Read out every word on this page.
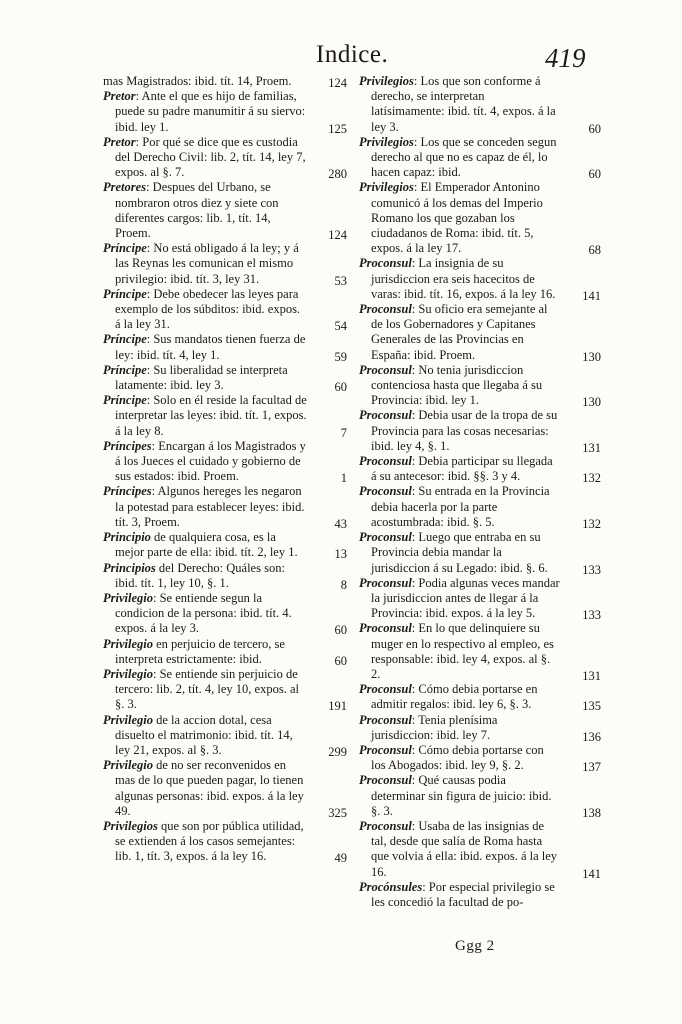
Indice.	419

mas Magistrados: ibid. tít. 14, Proem.	124

Pretor: Ante el que es hijo de familias, puede su padre manumitir á su siervo: ibid. ley 1.	125

Pretor: Por qué se dice que es custodia del Derecho Civil: lib. 2, tít. 14, ley 7, expos. al §. 7.	280

Pretores: Despues del Urbano, se nombraron otros diez y siete con diferentes cargos: lib. 1, tít. 14, Proem.	124

Príncipe: No está obligado á la ley; y á las Reynas les comunican el mismo privilegio: ibid. tít. 3, ley 31.	53

Príncipe: Debe obedecer las leyes para exemplo de los súbditos: ibid. expos. á la ley 31.	54

Príncipe: Sus mandatos tienen fuerza de ley: ibid. tít. 4, ley 1.	59

Príncipe: Su liberalidad se interpreta latamente: ibid. ley 3.	60

Príncipe: Solo en él reside la facultad de interpretar las leyes: ibid. tít. 1, expos. á la ley 8.	7

Príncipes: Encargan á los Magistrados y á los Jueces el cuidado y gobierno de sus estados: ibid. Proem.	1

Príncipes: Algunos hereges les negaron la potestad para establecer leyes: ibid. tít. 3, Proem.	43

Principio de qualquiera cosa, es la mejor parte de ella: ibid. tít. 2, ley 1.	13

Principios del Derecho: Quáles son: ibid. tít. 1, ley 10, §. 1.	8

Privilegio: Se entiende segun la condicion de la persona: ibid. tít. 4. expos. á la ley 3.	60

Privilegio en perjuicio de tercero, se interpreta estrictamente: ibid.	60

Privilegio: Se entiende sin perjuicio de tercero: lib. 2, tít. 4, ley 10, expos. al §. 3.	191

Privilegio de la accion dotal, cesa disuelto el matrimonio: ibid. tít. 14, ley 21, expos. al §. 3.	299

Privilegio de no ser reconvenidos en mas de lo que pueden pagar, lo tienen algunas personas: ibid. expos. á la ley 49.	325

Privilegios que son por pública utilidad, se extienden á los casos semejantes: lib. 1, tít. 3, expos. á la ley 16.	49

Privilegios: Los que son conforme á derecho, se interpretan latísimamente: ibid. tít. 4, expos. á la ley 3.	60

Privilegios: Los que se conceden segun derecho al que no es capaz de él, lo hacen capaz: ibid.	60

Privilegios: El Emperador Antonino comunicó á los demas del Imperio Romano los que gozaban los ciudadanos de Roma: ibid. tít. 5, expos. á la ley 17.	68

Proconsul: La insignia de su jurisdiccion era seis hacecitos de varas: ibid. tít. 16, expos. á la ley 16.	141

Proconsul: Su oficio era semejante al de los Gobernadores y Capitanes Generales de las Provincias en España: ibid. Proem.	130

Proconsul: No tenia jurisdiccion contenciosa hasta que llegaba á su Provincia: ibid. ley 1.	130

Proconsul: Debia usar de la tropa de su Provincia para las cosas necesarias: ibid. ley 4, §. 1.	131

Proconsul: Debia participar su llegada á su antecesor: ibid. §§. 3 y 4.	132

Proconsul: Su entrada en la Provincia debia hacerla por la parte acostumbrada: ibid. §. 5.	132

Proconsul: Luego que entraba en su Provincia debia mandar la jurisdiccion á su Legado: ibid. §. 6.	133

Proconsul: Podia algunas veces mandar la jurisdiccion antes de llegar á la Provincia: ibid. expos. á la ley 5.	133

Proconsul: En lo que delinquiere su muger en lo respectivo al empleo, es responsable: ibid. ley 4, expos. al §. 2.	131

Proconsul: Cómo debia portarse en admitir regalos: ibid. ley 6, §. 3.	135

Proconsul: Tenia plenísima jurisdiccion: ibid. ley 7.	136

Proconsul: Cómo debia portarse con los Abogados: ibid. ley 9, §. 2.	137

Proconsul: Qué causas podia determinar sin figura de juicio: ibid. §. 3.	138

Proconsul: Usaba de las insignias de tal, desde que salía de Roma hasta que volvia á ella: ibid. expos. á la ley 16.	141

Procónsules: Por especial privilegio se les concedió la facultad de po-

Ggg 2
